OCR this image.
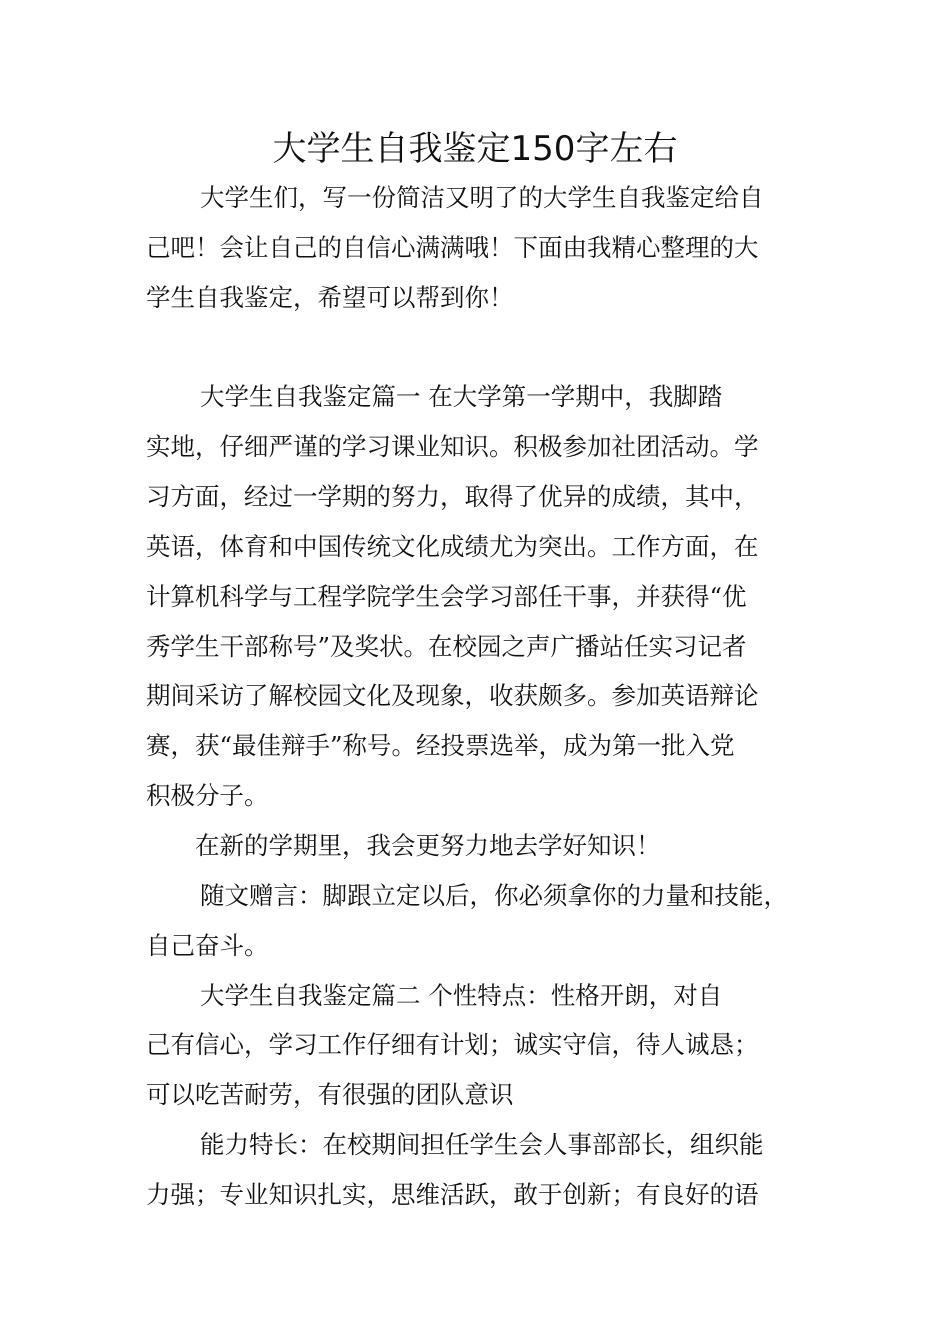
大学生自我鉴定150字左右
大学生们，写一份简洁又明了的大学生自我鉴定给自
己吧！会让自己的自信心满满哦！下面由我精心整理的大
学生自我鉴定，希望可以帮到你！
大学生自我鉴定篇一 在大学第一学期中，我脚踏
实地，仔细严谨的学习课业知识。积极参加社团活动。学
习方面，经过一学期的努力，取得了优异的成绩，其中，
英语，体育和中国传统文化成绩尤为突出。工作方面，在
计算机科学与工程学院学生会学习部任干事，并获得“优
秀学生干部称号”及奖状。在校园之声广播站任实习记者
期间采访了解校园文化及现象，收获颇多。参加英语辩论
赛，获“最佳辩手”称号。经投票选举，成为第一批入党
积极分子。
在新的学期里，我会更努力地去学好知识！
随文赠言：脚跟立定以后，你必须拿你的力量和技能，
自己奋斗。
大学生自我鉴定篇二 个性特点：性格开朗，对自
己有信心，学习工作仔细有计划；诚实守信，待人诚恳；
可以吃苦耐劳，有很强的团队意识
能力特长：在校期间担任学生会人事部部长，组织能
力强；专业知识扎实，思维活跃，敢于创新；有良好的语
